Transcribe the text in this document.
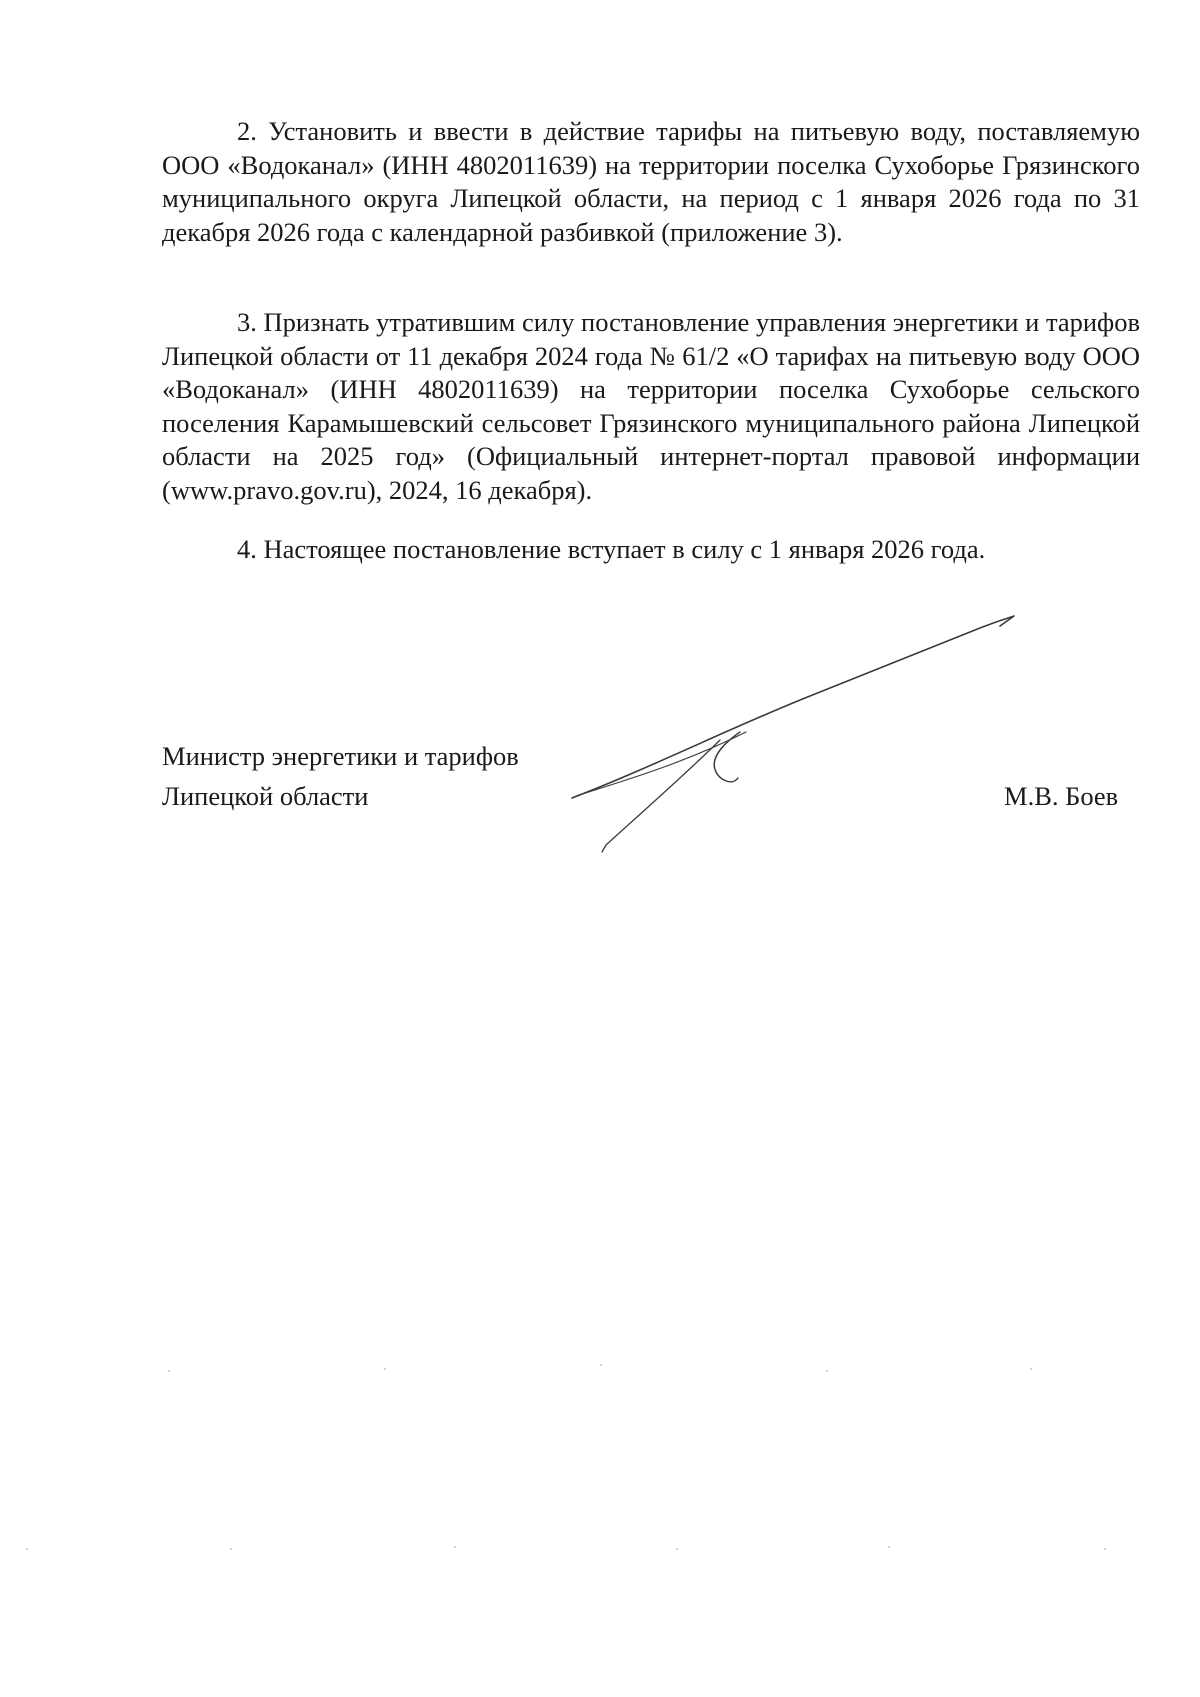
2. Установить и ввести в действие тарифы на питьевую воду, поставляемую ООО «Водоканал» (ИНН 4802011639) на территории поселка Сухоборье Грязинского муниципального округа Липецкой области, на период с 1 января 2026 года по 31 декабря 2026 года с календарной разбивкой (приложение 3).

3. Признать утратившим силу постановление управления энергетики и тарифов Липецкой области от 11 декабря 2024 года № 61/2 «О тарифах на питьевую воду ООО «Водоканал» (ИНН 4802011639) на территории поселка Сухоборье сельского поселения Карамышевский сельсовет Грязинского муниципального района Липецкой области на 2025 год» (Официальный интернет-портал правовой информации (www.pravo.gov.ru), 2024, 16 декабря).

4. Настоящее постановление вступает в силу с 1 января 2026 года.

Министр энергетики и тарифов
Липецкой области	М.В. Боев
